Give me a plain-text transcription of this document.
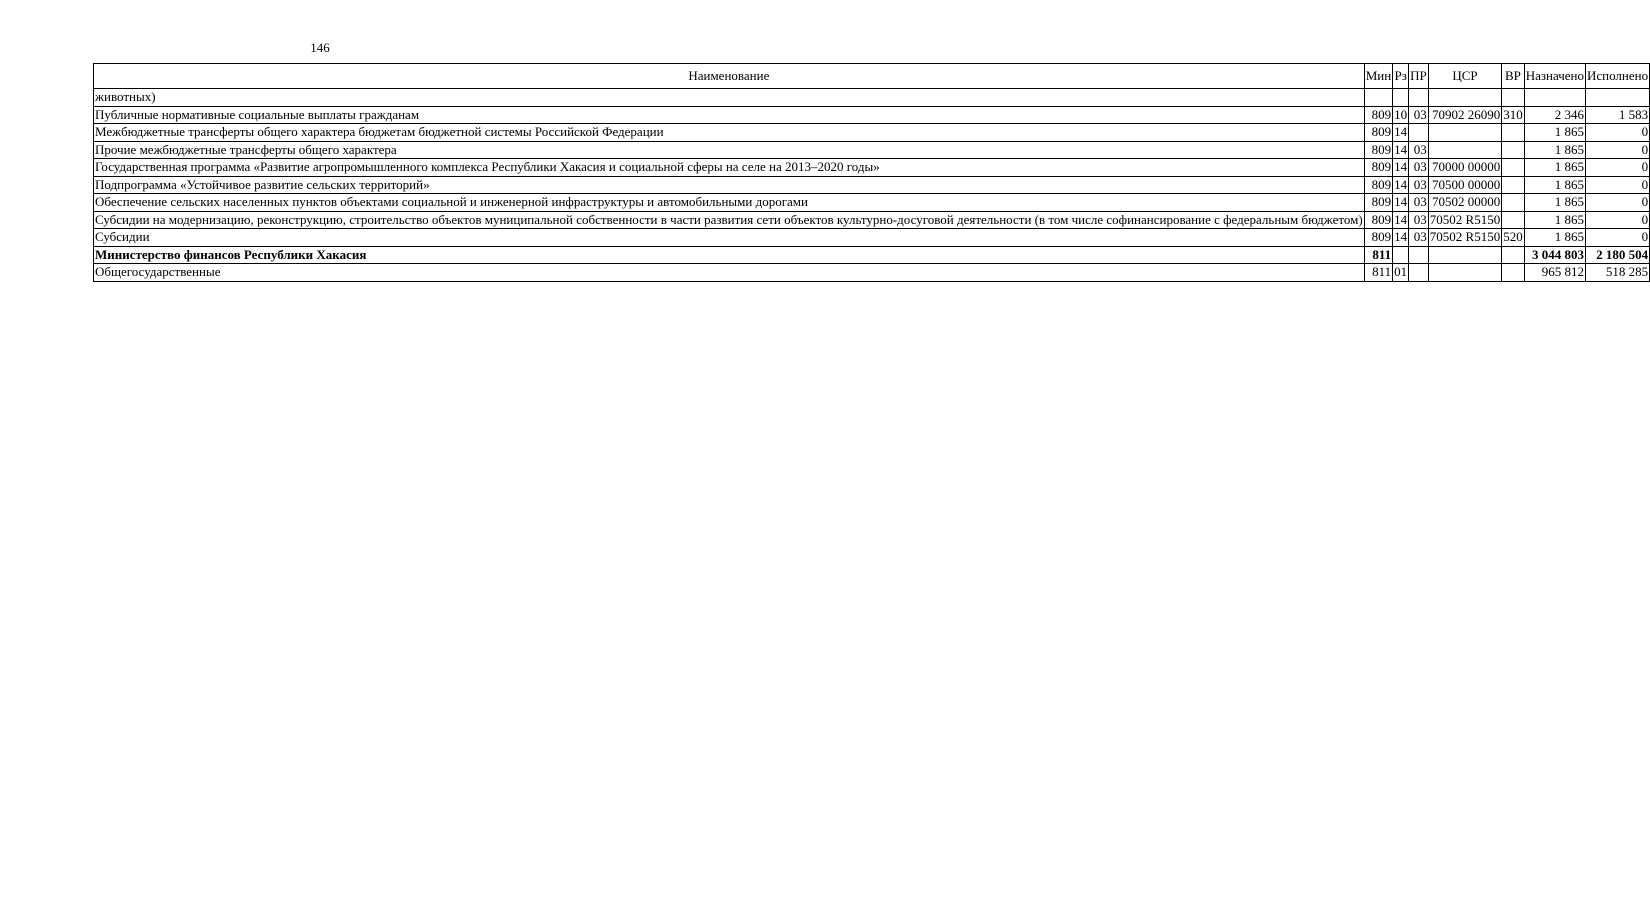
146
Наименование	Мин	Рз	ПР	ЦСР	ВР	Назначено	Исполнено
животных)							
Публичные нормативные социальные выплаты гражданам	809	10	03	70902 26090	310	2 346	1 583
Межбюджетные трансферты общего характера бюджетам бюджетной системы Российской Федерации	809	14				1 865	0
Прочие межбюджетные трансферты общего характера	809	14	03			1 865	0
Государственная программа «Развитие агропромышленного комплекса Республики Хакасия и социальной сферы на селе на 2013–2020 годы»	809	14	03	70000 00000		1 865	0
Подпрограмма «Устойчивое развитие сельских территорий»	809	14	03	70500 00000		1 865	0
Обеспечение сельских населенных пунктов объектами социальной и инженерной инфраструктуры и автомобильными дорогами	809	14	03	70502 00000		1 865	0
Субсидии на модернизацию, реконструкцию, строительство объектов муниципальной собственности в части развития сети объектов культурно-досуговой деятельности (в том числе софинансирование с федеральным бюджетом)	809	14	03	70502 R5150		1 865	0
Субсидии	809	14	03	70502 R5150	520	1 865	0
Министерство финансов Республики Хакасия	811					3 044 803	2 180 504
Общегосударственные	811	01				965 812	518 285
